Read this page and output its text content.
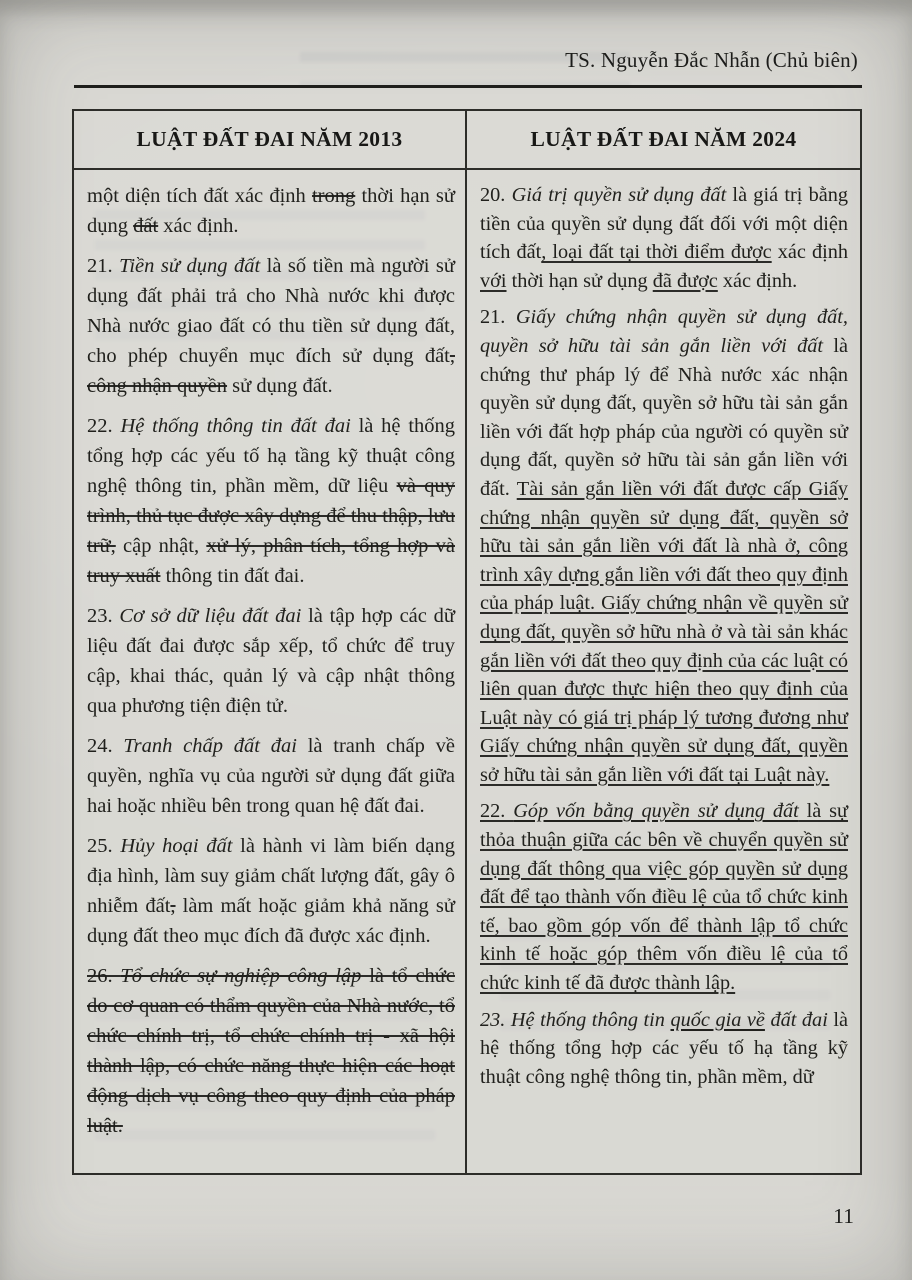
TS. Nguyễn Đắc Nhẫn (Chủ biên)
LUẬT ĐẤT ĐAI NĂM 2013	LUẬT ĐẤT ĐAI NĂM 2024

một diện tích đất xác định trong thời hạn sử dụng đất xác định.

21. Tiền sử dụng đất là số tiền mà người sử dụng đất phải trả cho Nhà nước khi được Nhà nước giao đất có thu tiền sử dụng đất, cho phép chuyển mục đích sử dụng đất, công nhận quyền sử dụng đất.

22. Hệ thống thông tin đất đai là hệ thống tổng hợp các yếu tố hạ tầng kỹ thuật công nghệ thông tin, phần mềm, dữ liệu và quy trình, thủ tục được xây dựng để thu thập, lưu trữ, cập nhật, xử lý, phân tích, tổng hợp và truy xuất thông tin đất đai.

23. Cơ sở dữ liệu đất đai là tập hợp các dữ liệu đất đai được sắp xếp, tổ chức để truy cập, khai thác, quản lý và cập nhật thông qua phương tiện điện tử.

24. Tranh chấp đất đai là tranh chấp về quyền, nghĩa vụ của người sử dụng đất giữa hai hoặc nhiều bên trong quan hệ đất đai.

25. Hủy hoại đất là hành vi làm biến dạng địa hình, làm suy giảm chất lượng đất, gây ô nhiễm đất, làm mất hoặc giảm khả năng sử dụng đất theo mục đích đã được xác định.

26. Tổ chức sự nghiệp công lập là tổ chức do cơ quan có thẩm quyền của Nhà nước, tổ chức chính trị, tổ chức chính trị - xã hội thành lập, có chức năng thực hiện các hoạt động dịch vụ công theo quy định của pháp luật.

20. Giá trị quyền sử dụng đất là giá trị bằng tiền của quyền sử dụng đất đối với một diện tích đất, loại đất tại thời điểm được xác định với thời hạn sử dụng đã được xác định.

21. Giấy chứng nhận quyền sử dụng đất, quyền sở hữu tài sản gắn liền với đất là chứng thư pháp lý để Nhà nước xác nhận quyền sử dụng đất, quyền sở hữu tài sản gắn liền với đất hợp pháp của người có quyền sử dụng đất, quyền sở hữu tài sản gắn liền với đất. Tài sản gắn liền với đất được cấp Giấy chứng nhận quyền sử dụng đất, quyền sở hữu tài sản gắn liền với đất là nhà ở, công trình xây dựng gắn liền với đất theo quy định của pháp luật. Giấy chứng nhận về quyền sử dụng đất, quyền sở hữu nhà ở và tài sản khác gắn liền với đất theo quy định của các luật có liên quan được thực hiện theo quy định của Luật này có giá trị pháp lý tương đương như Giấy chứng nhận quyền sử dụng đất, quyền sở hữu tài sản gắn liền với đất tại Luật này.

22. Góp vốn bằng quyền sử dụng đất là sự thỏa thuận giữa các bên về chuyển quyền sử dụng đất thông qua việc góp quyền sử dụng đất để tạo thành vốn điều lệ của tổ chức kinh tế, bao gồm góp vốn để thành lập tổ chức kinh tế hoặc góp thêm vốn điều lệ của tổ chức kinh tế đã được thành lập.

23. Hệ thống thông tin quốc gia về đất đai là hệ thống tổng hợp các yếu tố hạ tầng kỹ thuật công nghệ thông tin, phần mềm, dữ

11
